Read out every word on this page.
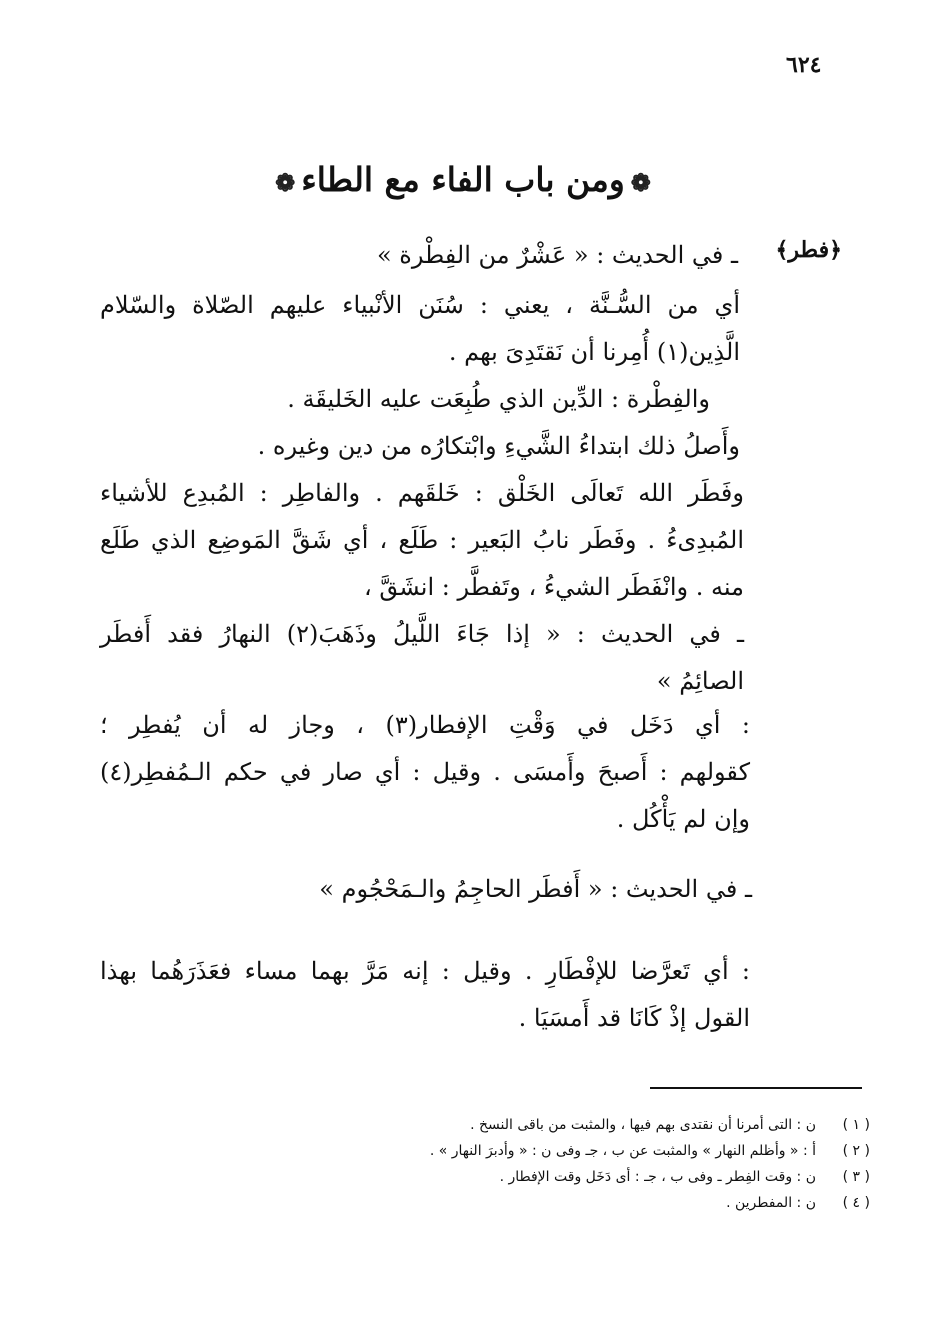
٦٢٤
❁ومن باب الفاء مع الطاء❁
﴿فطر﴾
ـ في الحديث : « عَشْرٌ من الفِطْرة »
أي من السُّـنَّة ، يعني : سُنَن الأنْبياء عليهم الصّلاة والسّلام
الَّذِين(١) أُمِرنا أن نَقتَدِىَ بهم .
والفِطْرة : الدِّين الذي طُبِعَت عليه الخَليقَة .
وأَصلُ ذلك ابتداءُ الشَّيءِ وابْتكارُه من دين وغيره .
وفَطَر الله تَعالَى الخَلْق : خَلقَهم . والفاطِر : المُبدِع للأشياء
المُبدِىءُ . وفَطَر نابُ البَعير : طَلَع ، أي شَقَّ المَوضِع الذي طَلَع
منه . وانْفَطَر الشيءُ ، وتَفطَّر : انشَقَّ ،
ـ في الحديث : « إذا جَاءَ اللَّيلُ وذَهَبَ(٢) النهارُ فقد أَفطَر
الصائِمُ »
: أي دَخَل في وَقْتِ الإفطار(٣) ، وجاز له أن يُفطِر ؛
كقولهم : أَصبحَ وأَمسَى . وقيل : أي صار في حكم الـمُفطِر(٤)
وإن لم يَأْكُل .
ـ في الحديث : « أَفطَر الحاجِمُ والـمَحْجُوم »
: أي تَعرَّضا للإفْطَارِ . وقيل : إنه مَرَّ بهما مساء فعَذَرَهُما بهذا
القول إذْ كَانَا قد أَمسَيَا .
( ١ )ن : التى أمرنا أن نقتدى بهم فيها ، والمثبت من باقى النسخ .
( ٢ )أ : « وأظلم النهار » والمثبت عن ب ، جـ وفى ن : « وأدبرَ النهار » .
( ٣ )ن : وقت الفِطر ـ وفى ب ، جـ : أى دَخَل وقت الإفطار .
( ٤ )ن : المفطرين .
